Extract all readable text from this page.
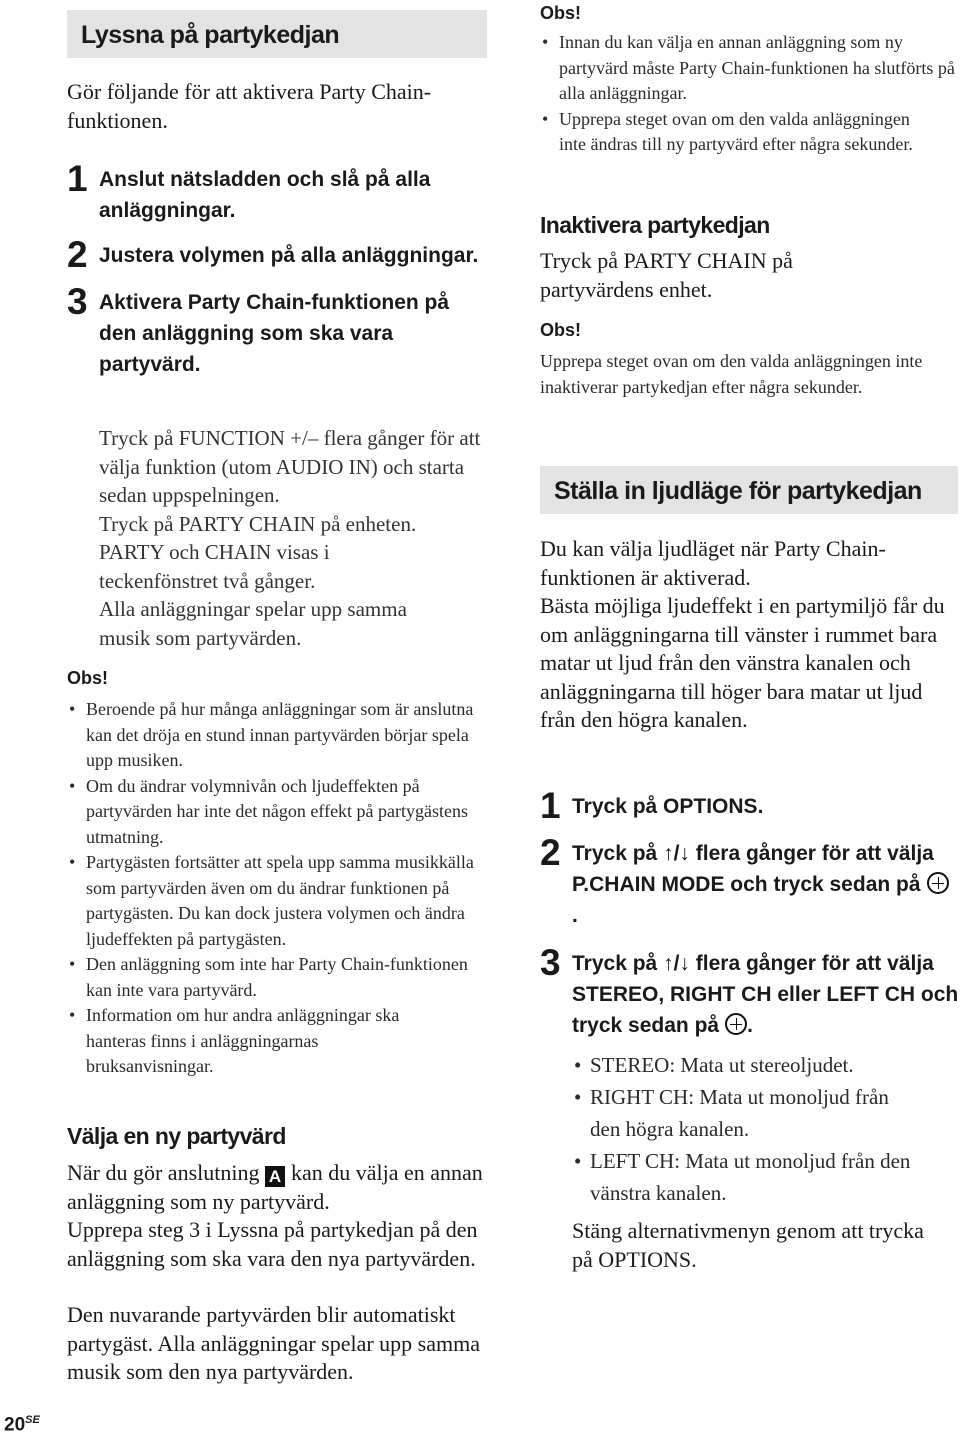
Lyssna på partykedjan
Gör följande för att aktivera Party Chain-funktionen.
1 Anslut nätsladden och slå på alla anläggningar.
2 Justera volymen på alla anläggningar.
3 Aktivera Party Chain-funktionen på den anläggning som ska vara partyvärd.
Tryck på FUNCTION +/– flera gånger för att välja funktion (utom AUDIO IN) och starta sedan uppspelningen.
Tryck på PARTY CHAIN på enheten.
PARTY och CHAIN visas i teckenfönstret två gånger.
Alla anläggningar spelar upp samma musik som partyvärden.
Obs!
• Beroende på hur många anläggningar som är anslutna kan det dröja en stund innan partyvärden börjar spela upp musiken.
• Om du ändrar volymnivån och ljudeffekten på partyvärden har inte det någon effekt på partygästens utmatning.
• Partygästen fortsätter att spela upp samma musikkälla som partyvärden även om du ändrar funktionen på partygästen. Du kan dock justera volymen och ändra ljudeffekten på partygästen.
• Den anläggning som inte har Party Chain-funktionen kan inte vara partyvärd.
• Information om hur andra anläggningar ska hanteras finns i anläggningarnas bruksanvisningar.
Välja en ny partyvärd
När du gör anslutning A kan du välja en annan anläggning som ny partyvärd.
Upprepa steg 3 i Lyssna på partykedjan på den anläggning som ska vara den nya partyvärden.
Den nuvarande partyvärden blir automatiskt partygäst. Alla anläggningar spelar upp samma musik som den nya partyvärden.
Obs!
• Innan du kan välja en annan anläggning som ny partyvärd måste Party Chain-funktionen ha slutförts på alla anläggningar.
• Upprepa steget ovan om den valda anläggningen inte ändras till ny partyvärd efter några sekunder.
Inaktivera partykedjan
Tryck på PARTY CHAIN på partyvärdens enhet.
Obs!
Upprepa steget ovan om den valda anläggningen inte inaktiverar partykedjan efter några sekunder.
Ställa in ljudläge för partykedjan
Du kan välja ljudläget när Party Chain-funktionen är aktiverad.
Bästa möjliga ljudeffekt i en partymiljö får du om anläggningarna till vänster i rummet bara matar ut ljud från den vänstra kanalen och anläggningarna till höger bara matar ut ljud från den högra kanalen.
1 Tryck på OPTIONS.
2 Tryck på ↑/↓ flera gånger för att välja P.CHAIN MODE och tryck sedan på.
3 Tryck på ↑/↓ flera gånger för att välja STEREO, RIGHT CH eller LEFT CH och tryck sedan på .
• STEREO: Mata ut stereoljudet.
• RIGHT CH: Mata ut monoljud från den högra kanalen.
• LEFT CH: Mata ut monoljud från den vänstra kanalen.
Stäng alternativmenyn genom att trycka på OPTIONS.
$20^{SE}$
